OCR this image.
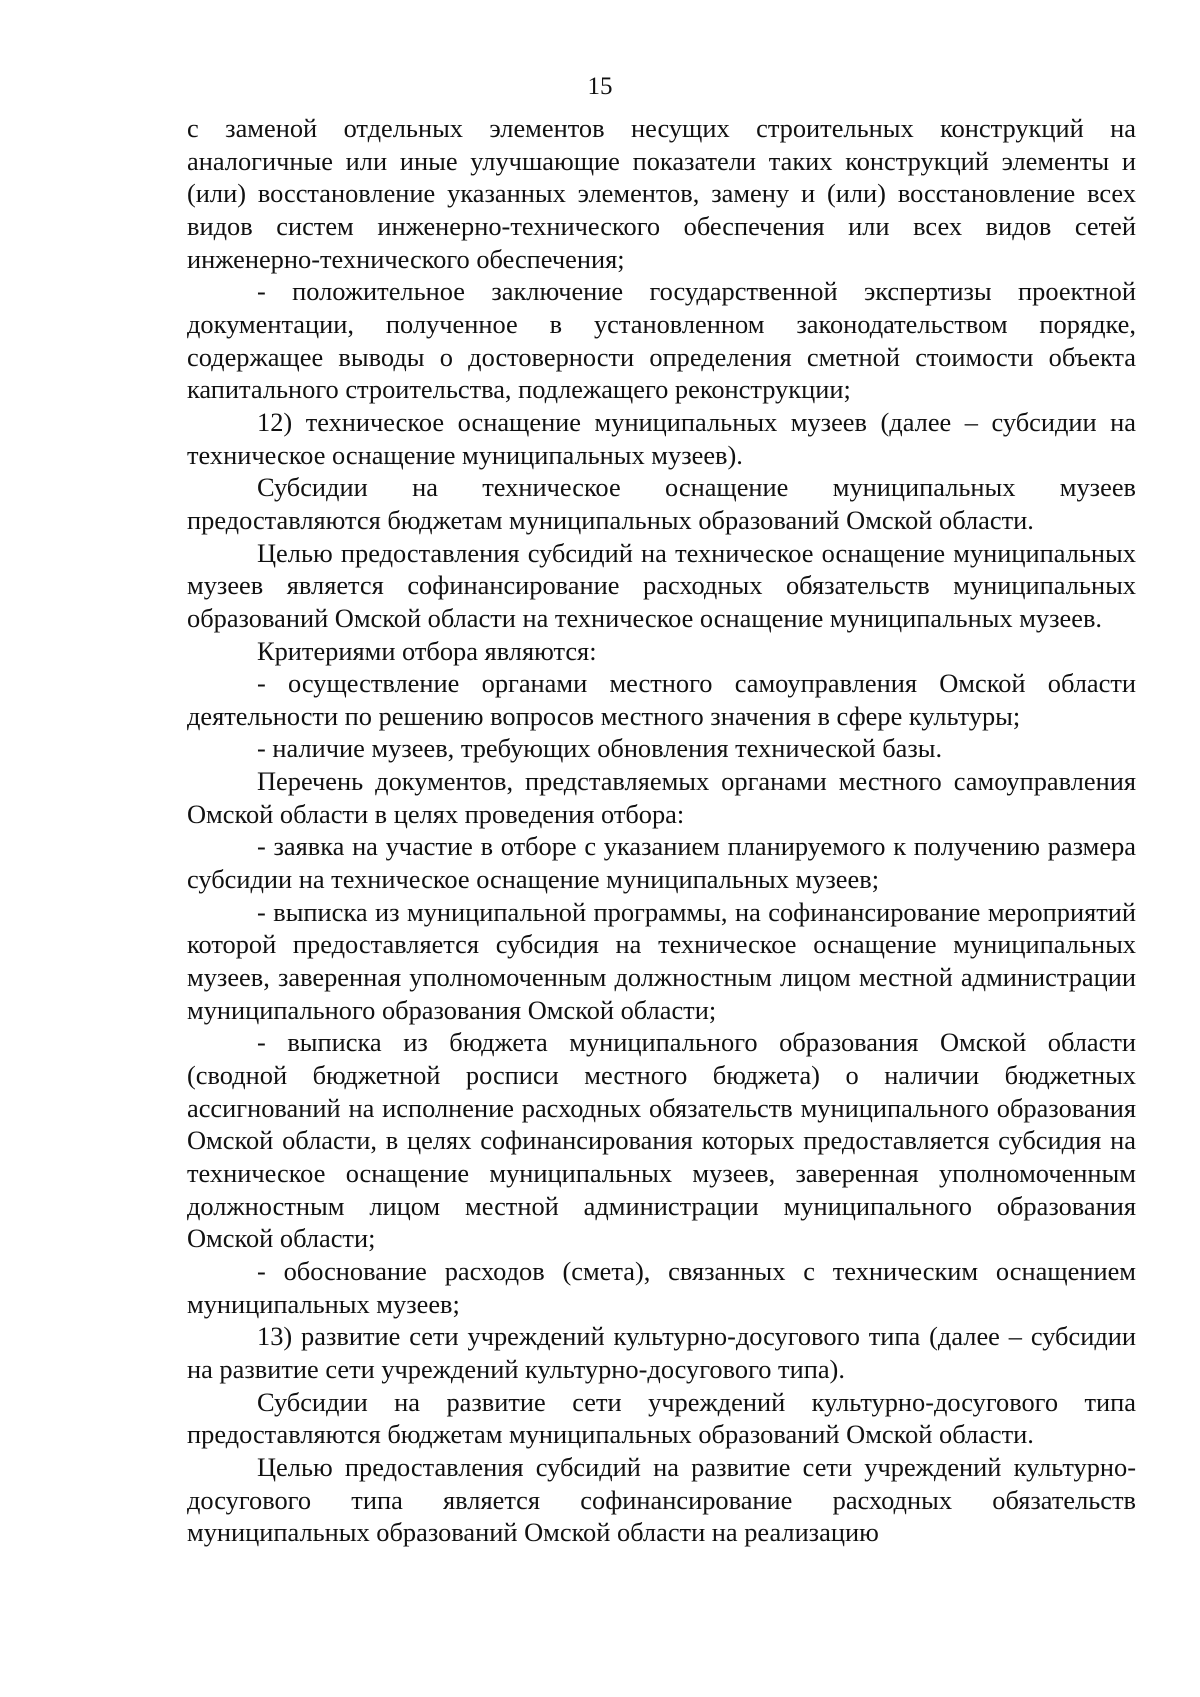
15

с заменой отдельных элементов несущих строительных конструкций на аналогичные или иные улучшающие показатели таких конструкций элементы и (или) восстановление указанных элементов, замену и (или) восстановление всех видов систем инженерно-технического обеспечения или всех видов сетей инженерно-технического обеспечения;

- положительное заключение государственной экспертизы проектной документации, полученное в установленном законодательством порядке, содержащее выводы о достоверности определения сметной стоимости объекта капитального строительства, подлежащего реконструкции;

12) техническое оснащение муниципальных музеев (далее – субсидии на техническое оснащение муниципальных музеев).

Субсидии на техническое оснащение муниципальных музеев предоставляются бюджетам муниципальных образований Омской области.

Целью предоставления субсидий на техническое оснащение муниципальных музеев является софинансирование расходных обязательств муниципальных образований Омской области на техническое оснащение муниципальных музеев.

Критериями отбора являются:

- осуществление органами местного самоуправления Омской области деятельности по решению вопросов местного значения в сфере культуры;

- наличие музеев, требующих обновления технической базы.

Перечень документов, представляемых органами местного самоуправления Омской области в целях проведения отбора:

- заявка на участие в отборе с указанием планируемого к получению размера субсидии на техническое оснащение муниципальных музеев;

- выписка из муниципальной программы, на софинансирование мероприятий которой предоставляется субсидия на техническое оснащение муниципальных музеев, заверенная уполномоченным должностным лицом местной администрации муниципального образования Омской области;

- выписка из бюджета муниципального образования Омской области (сводной бюджетной росписи местного бюджета) о наличии бюджетных ассигнований на исполнение расходных обязательств муниципального образования Омской области, в целях софинансирования которых предоставляется субсидия на техническое оснащение муниципальных музеев, заверенная уполномоченным должностным лицом местной администрации муниципального образования Омской области;

- обоснование расходов (смета), связанных с техническим оснащением муниципальных музеев;

13) развитие сети учреждений культурно-досугового типа (далее – субсидии на развитие сети учреждений культурно-досугового типа).

Субсидии на развитие сети учреждений культурно-досугового типа предоставляются бюджетам муниципальных образований Омской области.

Целью предоставления субсидий на развитие сети учреждений культурно-досугового типа является софинансирование расходных обязательств муниципальных образований Омской области на реализацию
